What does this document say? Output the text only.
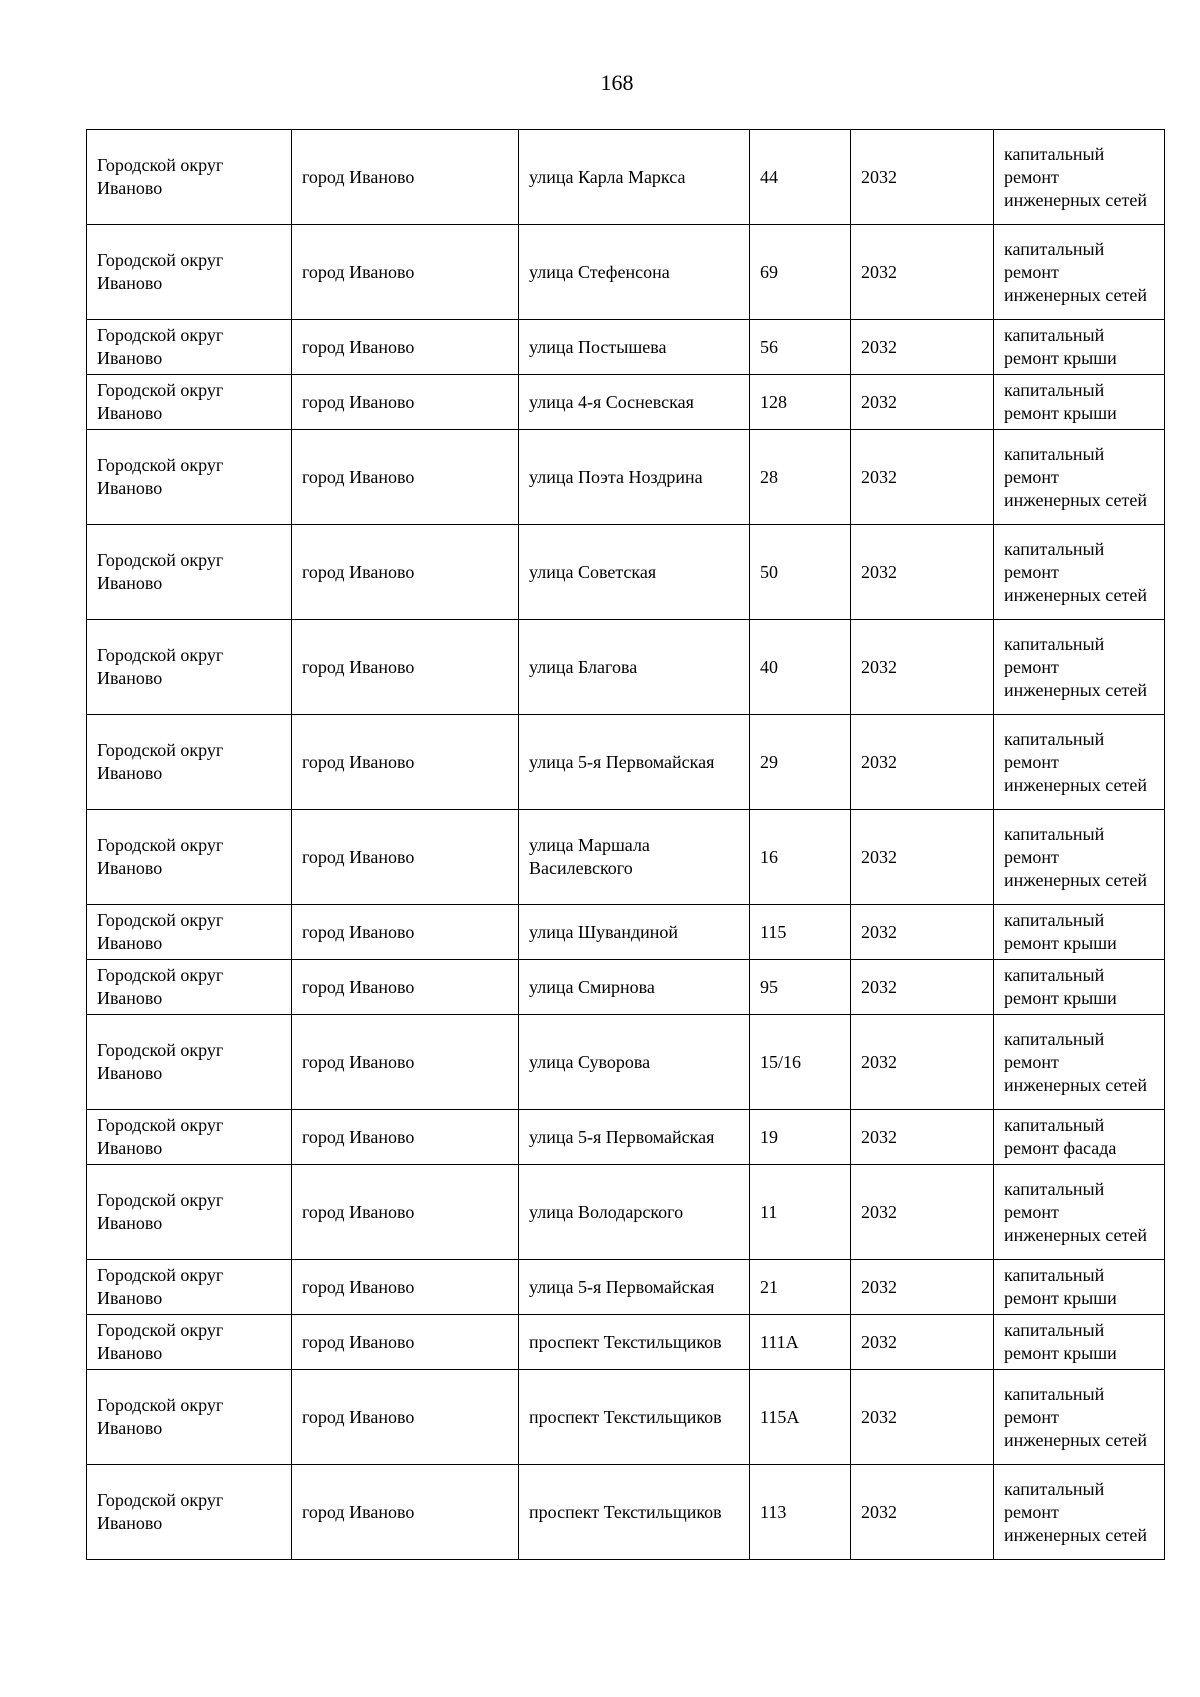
168
Городской округ Иваново	город Иваново	улица Карла Маркса	44	2032	капитальный ремонт инженерных сетей
Городской округ Иваново	город Иваново	улица Стефенсона	69	2032	капитальный ремонт инженерных сетей
Городской округ Иваново	город Иваново	улица Постышева	56	2032	капитальный ремонт крыши
Городской округ Иваново	город Иваново	улица 4-я Сосневская	128	2032	капитальный ремонт крыши
Городской округ Иваново	город Иваново	улица Поэта Ноздрина	28	2032	капитальный ремонт инженерных сетей
Городской округ Иваново	город Иваново	улица Советская	50	2032	капитальный ремонт инженерных сетей
Городской округ Иваново	город Иваново	улица Благова	40	2032	капитальный ремонт инженерных сетей
Городской округ Иваново	город Иваново	улица 5-я Первомайская	29	2032	капитальный ремонт инженерных сетей
Городской округ Иваново	город Иваново	улица Маршала Василевского	16	2032	капитальный ремонт инженерных сетей
Городской округ Иваново	город Иваново	улица Шувандиной	115	2032	капитальный ремонт крыши
Городской округ Иваново	город Иваново	улица Смирнова	95	2032	капитальный ремонт крыши
Городской округ Иваново	город Иваново	улица Суворова	15/16	2032	капитальный ремонт инженерных сетей
Городской округ Иваново	город Иваново	улица 5-я Первомайская	19	2032	капитальный ремонт фасада
Городской округ Иваново	город Иваново	улица Володарского	11	2032	капитальный ремонт инженерных сетей
Городской округ Иваново	город Иваново	улица 5-я Первомайская	21	2032	капитальный ремонт крыши
Городской округ Иваново	город Иваново	проспект Текстильщиков	111А	2032	капитальный ремонт крыши
Городской округ Иваново	город Иваново	проспект Текстильщиков	115А	2032	капитальный ремонт инженерных сетей
Городской округ Иваново	город Иваново	проспект Текстильщиков	113	2032	капитальный ремонт инженерных сетей
